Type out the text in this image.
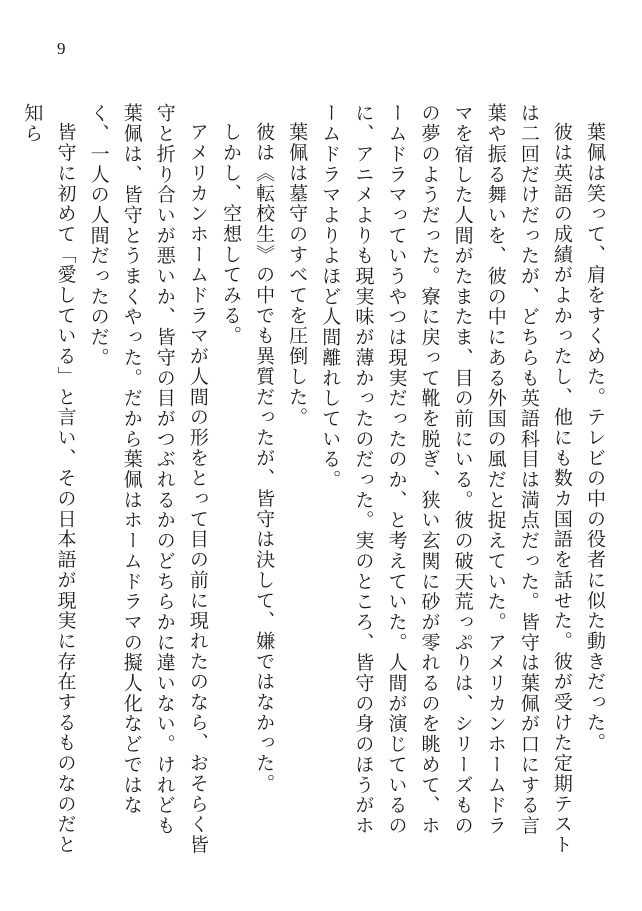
9

葉佩は笑って、肩をすくめた。テレビの中の役者に似た動きだった。

彼は英語の成績がよかったし、他にも数カ国語を話せた。彼が受けた定期テストは二回だけだったが、どちらも英語科目は満点だった。皆守は葉佩が口にする言葉や振る舞いを、彼の中にある外国の風だと捉えていた。アメリカンホームドラマを宿した人間がたまたま、目の前にいる。彼の破天荒っぷりは、シリーズものの夢のようだった。寮に戻って靴を脱ぎ、狭い玄関に砂が零れるのを眺めて、ホームドラマっていうやつは現実だったのか、と考えていた。人間が演じているのに、アニメよりも現実味が薄かったのだった。実のところ、皆守の身のほうがホームドラマよりよほど人間離れしている。

葉佩は墓守のすべてを圧倒した。

彼は《転校生》の中でも異質だったが、皆守は決して、嫌ではなかった。

しかし、空想してみる。

アメリカンホームドラマが人間の形をとって目の前に現れたのなら、おそらく皆守と折り合いが悪いか、皆守の目がつぶれるかのどちらかに違いない。けれども葉佩は、皆守とうまくやった。だから葉佩はホームドラマの擬人化などではなく、一人の人間だったのだ。

皆守に初めて「愛している」と言い、その日本語が現実に存在するものなのだと知ら
